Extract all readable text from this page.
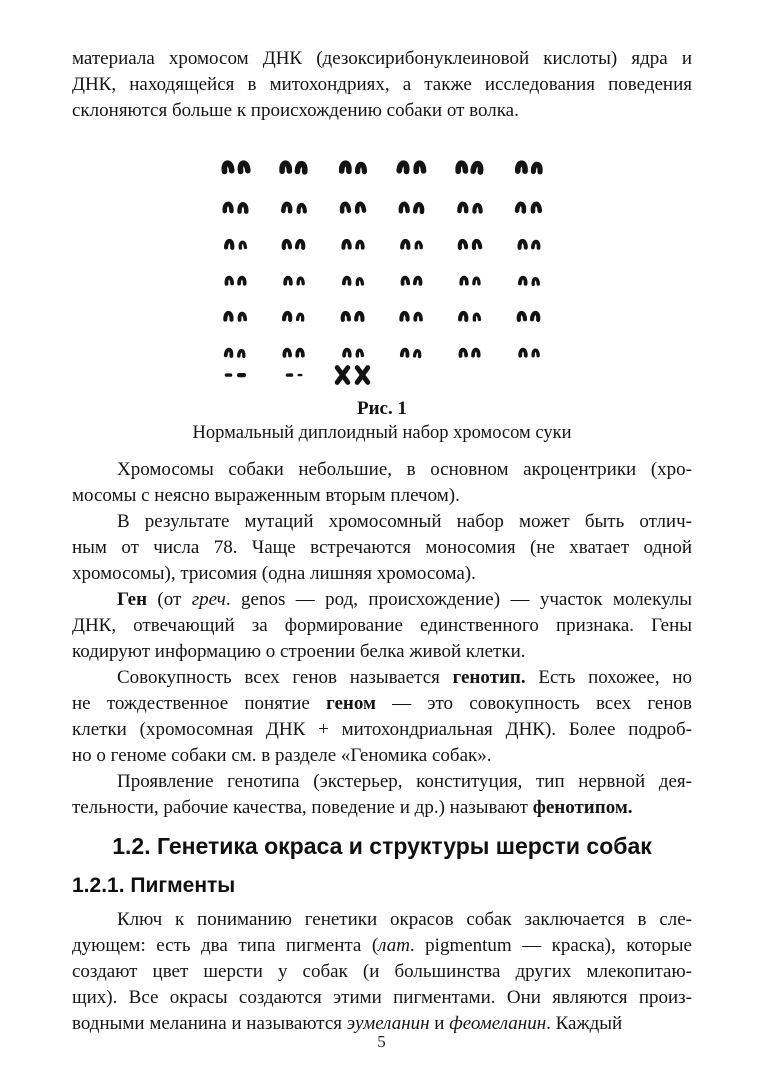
материала хромосом ДНК (дезоксирибонуклеиновой кислоты) ядра и
ДНК, находящейся в митохондриях, а также исследования поведения
склоняются больше к происхождению собаки от волка.
Рис. 1
Нормальный диплоидный набор хромосом суки
Хромосомы собаки небольшие, в основном акроцентрики (хро-
мосомы с неясно выраженным вторым плечом).
В результате мутаций хромосомный набор может быть отлич-
ным от числа 78. Чаще встречаются моносомия (не хватает одной
хромосомы), трисомия (одна лишняя хромосома).
Ген (от греч. genos — род, происхождение) — участок молекулы
ДНК, отвечающий за формирование единственного признака. Гены
кодируют информацию о строении белка живой клетки.
Совокупность всех генов называется генотип. Есть похожее, но
не тождественное понятие геном — это совокупность всех генов
клетки (хромосомная ДНК + митохондриальная ДНК). Более подроб-
но о геноме собаки см. в разделе «Геномика собак».
Проявление генотипа (экстерьер, конституция, тип нервной дея-
тельности, рабочие качества, поведение и др.) называют фенотипом.
1.2. Генетика окраса и структуры шерсти собак
1.2.1. Пигменты
Ключ к пониманию генетики окрасов собак заключается в сле-
дующем: есть два типа пигмента (лат. pigmentum — краска), которые
создают цвет шерсти у собак (и большинства других млекопитаю-
щих). Все окрасы создаются этими пигментами. Они являются произ-
водными меланина и называются эумеланин и феомеланин. Каждый
5
